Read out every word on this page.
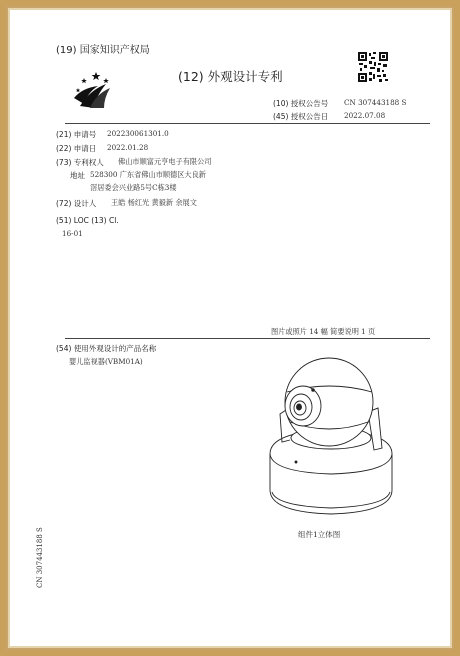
(19) 国家知识产权局
(12) 外观设计专利
(10) 授权公告号 CN 307443188 S
(45) 授权公告日 2022.07.08
(21) 申请号 202230061301.0
(22) 申请日 2022.01.28
(73) 专利权人 佛山市顺富元亨电子有限公司
地址 528300 广东省佛山市顺德区大良新
滘居委会兴业路5号C栋3楼
(72) 设计人 王皓 杨红光 黄毅新 余展文
(51) LOC (13) Cl.
16-01
图片或照片 14 幅 简要说明 1 页
(54) 使用外观设计的产品名称
婴儿监视器(VBM01A)
组件1立体图
CN 307443188 S
